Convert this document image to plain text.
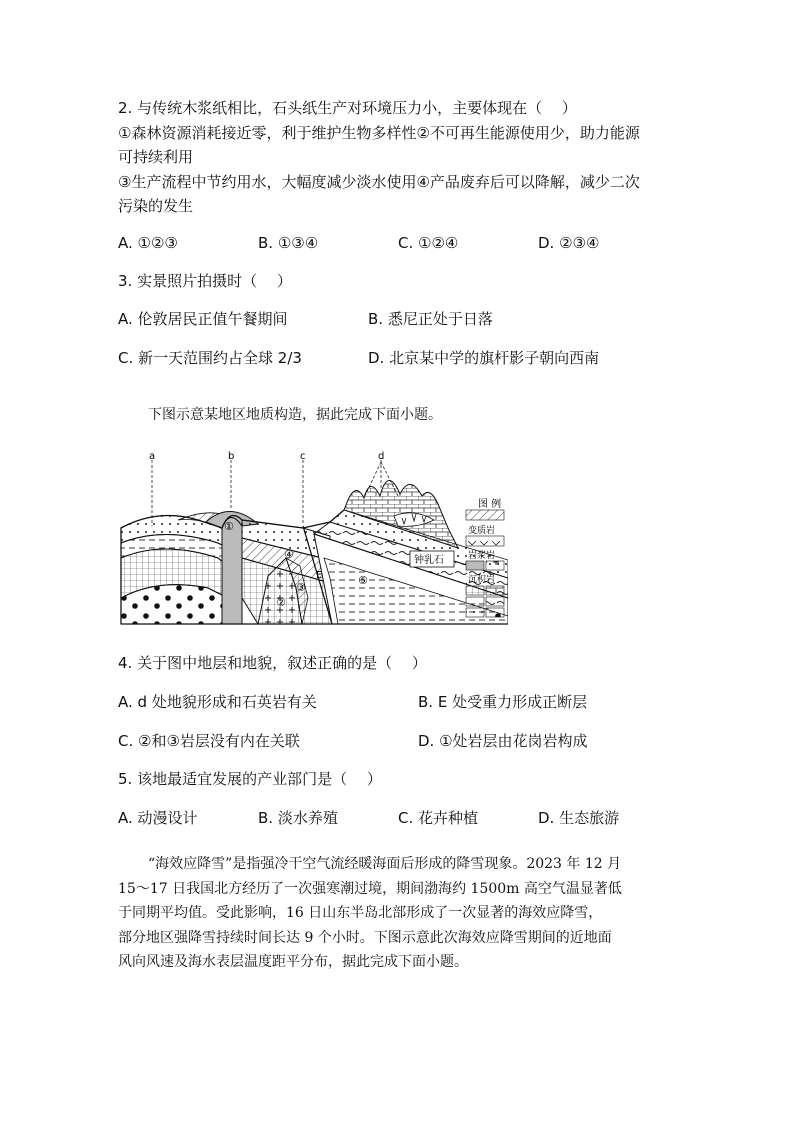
2. 与传统木浆纸相比，石头纸生产对环境压力小，主要体现在（　 ）
①森林资源消耗接近零，利于维护生物多样性②不可再生能源使用少，助力能源
可持续利用
③生产流程中节约用水，大幅度减少淡水使用④产品废弃后可以降解，减少二次
污染的发生
A. ①②③	B. ①③④	C. ①②④	D. ②③④
3. 实景照片拍摄时（　 ）
A. 伦敦居民正值午餐期间	B. 悉尼正处于日落
C. 新一天范围约占全球 2/3	D. 北京某中学的旗杆影子朝向西南
下图示意某地区地质构造，据此完成下面小题。
a	b	c	d
钟乳石
①
②
③
④
⑤
E
图 例
变质岩
岩浆岩
沉积岩
4. 关于图中地层和地貌，叙述正确的是（　 ）
A. d 处地貌形成和石英岩有关	B. E 处受重力形成正断层
C. ②和③岩层没有内在关联	D. ①处岩层由花岗岩构成
5. 该地最适宜发展的产业部门是（　 ）
A. 动漫设计	B. 淡水养殖	C. 花卉种植	D. 生态旅游
“海效应降雪”是指强冷干空气流经暖海面后形成的降雪现象。2023 年 12 月
15～17 日我国北方经历了一次强寒潮过境，期间渤海约 1500m 高空气温显著低
于同期平均值。受此影响，16 日山东半岛北部形成了一次显著的海效应降雪，
部分地区强降雪持续时间长达 9 个小时。下图示意此次海效应降雪期间的近地面
风向风速及海水表层温度距平分布，据此完成下面小题。
